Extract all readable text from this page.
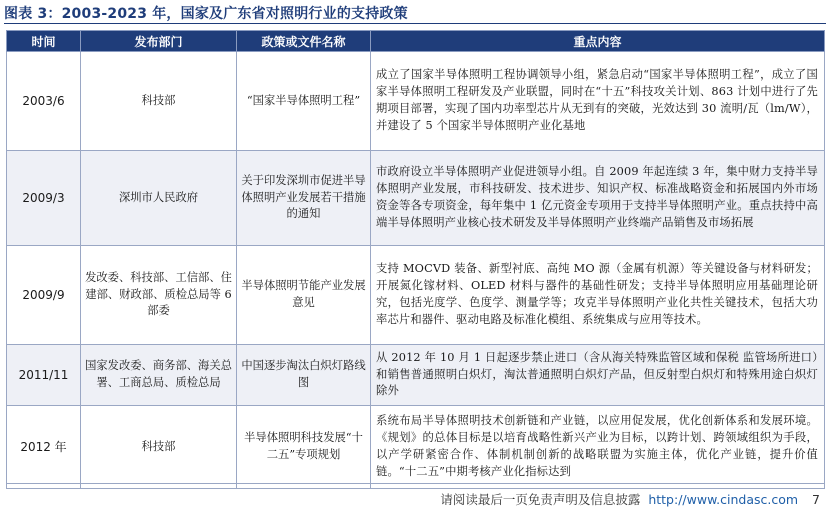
图表 3：2003-2023 年，国家及广东省对照明行业的支持政策
时间	发布部门	政策或文件名称	重点内容
2003/6	科技部	“国家半导体照明工程”	成立了国家半导体照明工程协调领导小组，紧急启动“国家半导体照明工程”，成立了国家半导体照明工程研发及产业联盟，同时在“十五”科技攻关计划、863 计划中进行了先期项目部署，实现了国内功率型芯片从无到有的突破，光效达到 30 流明/瓦（lm/W），并建设了 5 个国家半导体照明产业化基地
2009/3	深圳市人民政府	关于印发深圳市促进半导体照明产业发展若干措施的通知	市政府设立半导体照明产业促进领导小组。自 2009 年起连续 3 年，集中财力支持半导体照明产业发展，市科技研发、技术进步、知识产权、标准战略资金和拓展国内外市场资金等各专项资金，每年集中 1 亿元资金专项用于支持半导体照明产业。重点扶持中高端半导体照明产业核心技术研发及半导体照明产业终端产品销售及市场拓展
2009/9	发改委、科技部、工信部、住建部、财政部、质检总局等 6 部委	半导体照明节能产业发展意见	支持 MOCVD 装备、新型衬底、高纯 MO 源（金属有机源）等关键设备与材料研发；开展氮化镓材料、OLED 材料与器件的基础性研发；支持半导体照明应用基础理论研究，包括光度学、色度学、测量学等；攻克半导体照明产业化共性关键技术，包括大功率芯片和器件、驱动电路及标准化模组、系统集成与应用等技术。
2011/11	国家发改委、商务部、海关总署、工商总局、质检总局	中国逐步淘汰白炽灯路线图	从 2012 年 10 月 1 日起逐步禁止进口（含从海关特殊监管区域和保税 监管场所进口）和销售普通照明白炽灯，淘汰普通照明白炽灯产品，但反射型白炽灯和特殊用途白炽灯除外
2012 年	科技部	半导体照明科技发展“十二五”专项规划	系统布局半导体照明技术创新链和产业链，以应用促发展，优化创新体系和发展环境。《规划》的总体目标是以培育战略性新兴产业为目标，以跨计划、跨领域组织为手段，以产学研紧密合作、体制机制创新的战略联盟为实施主体，优化产业链，提升价值链。“十二五”中期考核产业化指标达到
请阅读最后一页免责声明及信息披露 http://www.cindasc.com 7
